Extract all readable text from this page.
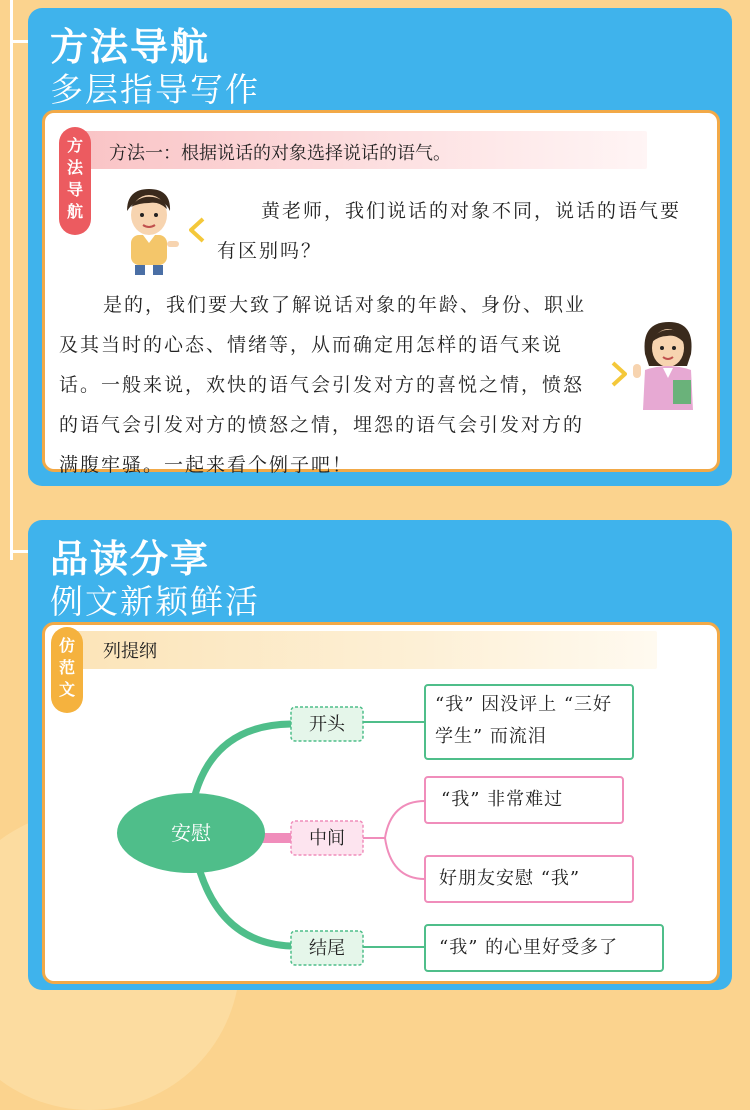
方法导航
多层指导写作
方法一：根据说话的对象选择说话的语气。
方
法
导
航	黄老师，我们说话的对象不同，说话的语气要有区别吗？
是的，我们要大致了解说话对象的年龄、身份、职业及其当时的心态、情绪等，从而确定用怎样的语气来说话。一般来说，欢快的语气会引发对方的喜悦之情，愤怒的语气会引发对方的愤怒之情，埋怨的语气会引发对方的满腹牢骚。一起来看个例子吧！
品读分享
例文新颖鲜活
列提纲
仿
范
文
安慰
开头
中间
结尾
“我” 因没评上 “三好学生” 而流泪
“我” 非常难过
好朋友安慰 “我”
“我” 的心里好受多了
